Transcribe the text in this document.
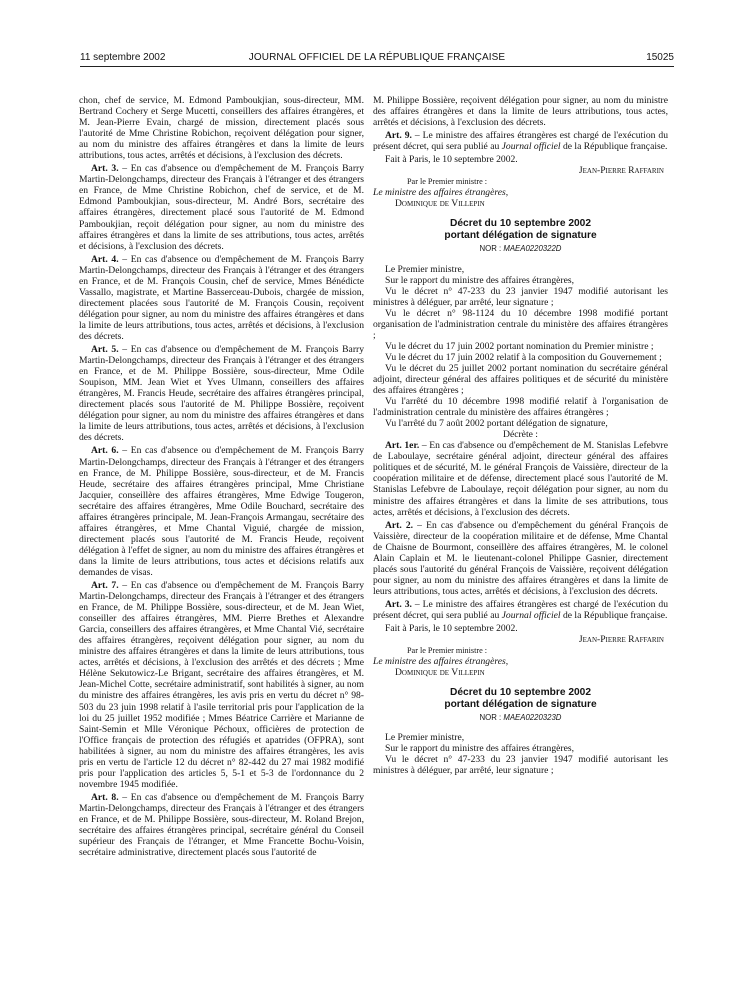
11 septembre 2002	JOURNAL OFFICIEL DE LA RÉPUBLIQUE FRANÇAISE	15025

chon, chef de service, M. Edmond Pamboukjian, sous-directeur, MM. Bertrand Cochery et Serge Mucetti, conseillers des affaires étrangères, et M. Jean-Pierre Evain, chargé de mission, directement placés sous l'autorité de Mme Christine Robichon, reçoivent délégation pour signer, au nom du ministre des affaires étrangères et dans la limite de leurs attributions, tous actes, arrêtés et décisions, à l'exclusion des décrets.

Art. 3. – En cas d'absence ou d'empêchement de M. François Barry Martin-Delongchamps, directeur des Français à l'étranger et des étrangers en France, de Mme Christine Robichon, chef de service, et de M. Edmond Pamboukjian, sous-directeur, M. André Bors, secrétaire des affaires étrangères, directement placé sous l'autorité de M. Edmond Pamboukjian, reçoit délégation pour signer, au nom du ministre des affaires étrangères et dans la limite de ses attributions, tous actes, arrêtés et décisions, à l'exclusion des décrets.

Art. 4. – En cas d'absence ou d'empêchement de M. François Barry Martin-Delongchamps, directeur des Français à l'étranger et des étrangers en France, et de M. François Cousin, chef de service, Mmes Bénédicte Vassallo, magistrate, et Martine Basserceau-Dubois, chargée de mission, directement placées sous l'autorité de M. François Cousin, reçoivent délégation pour signer, au nom du ministre des affaires étrangères et dans la limite de leurs attributions, tous actes, arrêtés et décisions, à l'exclusion des décrets.

Art. 5. – En cas d'absence ou d'empêchement de M. François Barry Martin-Delongchamps, directeur des Français à l'étranger et des étrangers en France, et de M. Philippe Bossière, sous-directeur, Mme Odile Soupison, MM. Jean Wiet et Yves Ulmann, conseillers des affaires étrangères, M. Francis Heude, secrétaire des affaires étrangères principal, directement placés sous l'autorité de M. Philippe Bossière, reçoivent délégation pour signer, au nom du ministre des affaires étrangères et dans la limite de leurs attributions, tous actes, arrêtés et décisions, à l'exclusion des décrets.

Art. 6. – En cas d'absence ou d'empêchement de M. François Barry Martin-Delongchamps, directeur des Français à l'étranger et des étrangers en France, de M. Philippe Bossière, sous-directeur, et de M. Francis Heude, secrétaire des affaires étrangères principal, Mme Christiane Jacquier, conseillère des affaires étrangères, Mme Edwige Tougeron, secrétaire des affaires étrangères, Mme Odile Bouchard, secrétaire des affaires étrangères principale, M. Jean-François Armangau, secrétaire des affaires étrangères, et Mme Chantal Viguié, chargée de mission, directement placés sous l'autorité de M. Francis Heude, reçoivent délégation à l'effet de signer, au nom du ministre des affaires étrangères et dans la limite de leurs attributions, tous actes et décisions relatifs aux demandes de visas.

Art. 7. – En cas d'absence ou d'empêchement de M. François Barry Martin-Delongchamps, directeur des Français à l'étranger et des étrangers en France, de M. Philippe Bossière, sous-directeur, et de M. Jean Wiet, conseiller des affaires étrangères, MM. Pierre Brethes et Alexandre Garcia, conseillers des affaires étrangères, et Mme Chantal Vié, secrétaire des affaires étrangères, reçoivent délégation pour signer, au nom du ministre des affaires étrangères et dans la limite de leurs attributions, tous actes, arrêtés et décisions, à l'exclusion des arrêtés et des décrets ; Mme Hélène Sekutowicz-Le Brigant, secrétaire des affaires étrangères, et M. Jean-Michel Cotte, secrétaire administratif, sont habilités à signer, au nom du ministre des affaires étrangères, les avis pris en vertu du décret n° 98-503 du 23 juin 1998 relatif à l'asile territorial pris pour l'application de la loi du 25 juillet 1952 modifiée ; Mmes Béatrice Carrière et Marianne de Saint-Semin et Mlle Véronique Péchoux, officières de protection de l'Office français de protection des réfugiés et apatrides (OFPRA), sont habilitées à signer, au nom du ministre des affaires étrangères, les avis pris en vertu de l'article 12 du décret n° 82-442 du 27 mai 1982 modifié pris pour l'application des articles 5, 5-1 et 5-3 de l'ordonnance du 2 novembre 1945 modifiée.

Art. 8. – En cas d'absence ou d'empêchement de M. François Barry Martin-Delongchamps, directeur des Français à l'étranger et des étrangers en France, et de M. Philippe Bossière, sous-directeur, M. Roland Brejon, secrétaire des affaires étrangères principal, secrétaire général du Conseil supérieur des Français de l'étranger, et Mme Francette Bochu-Voisin, secrétaire administrative, directement placés sous l'autorité de

M. Philippe Bossière, reçoivent délégation pour signer, au nom du ministre des affaires étrangères et dans la limite de leurs attributions, tous actes, arrêtés et décisions, à l'exclusion des décrets.

Art. 9. – Le ministre des affaires étrangères est chargé de l'exécution du présent décret, qui sera publié au Journal officiel de la République française.

Fait à Paris, le 10 septembre 2002.

Jean-Pierre Raffarin

Par le Premier ministre :

Le ministre des affaires étrangères,

Dominique de Villepin

Décret du 10 septembre 2002
portant délégation de signature
NOR : MAEA0220322D

Le Premier ministre,

Sur le rapport du ministre des affaires étrangères,

Vu le décret n° 47-233 du 23 janvier 1947 modifié autorisant les ministres à déléguer, par arrêté, leur signature ;

Vu le décret n° 98-1124 du 10 décembre 1998 modifié portant organisation de l'administration centrale du ministère des affaires étrangères ;

Vu le décret du 17 juin 2002 portant nomination du Premier ministre ;

Vu le décret du 17 juin 2002 relatif à la composition du Gouvernement ;

Vu le décret du 25 juillet 2002 portant nomination du secrétaire général adjoint, directeur général des affaires politiques et de sécurité du ministère des affaires étrangères ;

Vu l'arrêté du 10 décembre 1998 modifié relatif à l'organisation de l'administration centrale du ministère des affaires étrangères ;

Vu l'arrêté du 7 août 2002 portant délégation de signature,

Décrète :

Art. 1er. – En cas d'absence ou d'empêchement de M. Stanislas Lefebvre de Laboulaye, secrétaire général adjoint, directeur général des affaires politiques et de sécurité, M. le général François de Vaissière, directeur de la coopération militaire et de défense, directement placé sous l'autorité de M. Stanislas Lefebvre de Laboulaye, reçoit délégation pour signer, au nom du ministre des affaires étrangères et dans la limite de ses attributions, tous actes, arrêtés et décisions, à l'exclusion des décrets.

Art. 2. – En cas d'absence ou d'empêchement du général François de Vaissière, directeur de la coopération militaire et de défense, Mme Chantal de Chaisne de Bourmont, conseillère des affaires étrangères, M. le colonel Alain Caplain et M. le lieutenant-colonel Philippe Gasnier, directement placés sous l'autorité du général François de Vaissière, reçoivent délégation pour signer, au nom du ministre des affaires étrangères et dans la limite de leurs attributions, tous actes, arrêtés et décisions, à l'exclusion des décrets.

Art. 3. – Le ministre des affaires étrangères est chargé de l'exécution du présent décret, qui sera publié au Journal officiel de la République française.

Fait à Paris, le 10 septembre 2002.

Jean-Pierre Raffarin

Par le Premier ministre :

Le ministre des affaires étrangères,

Dominique de Villepin

Décret du 10 septembre 2002
portant délégation de signature
NOR : MAEA0220323D

Le Premier ministre,

Sur le rapport du ministre des affaires étrangères,

Vu le décret n° 47-233 du 23 janvier 1947 modifié autorisant les ministres à déléguer, par arrêté, leur signature ;
